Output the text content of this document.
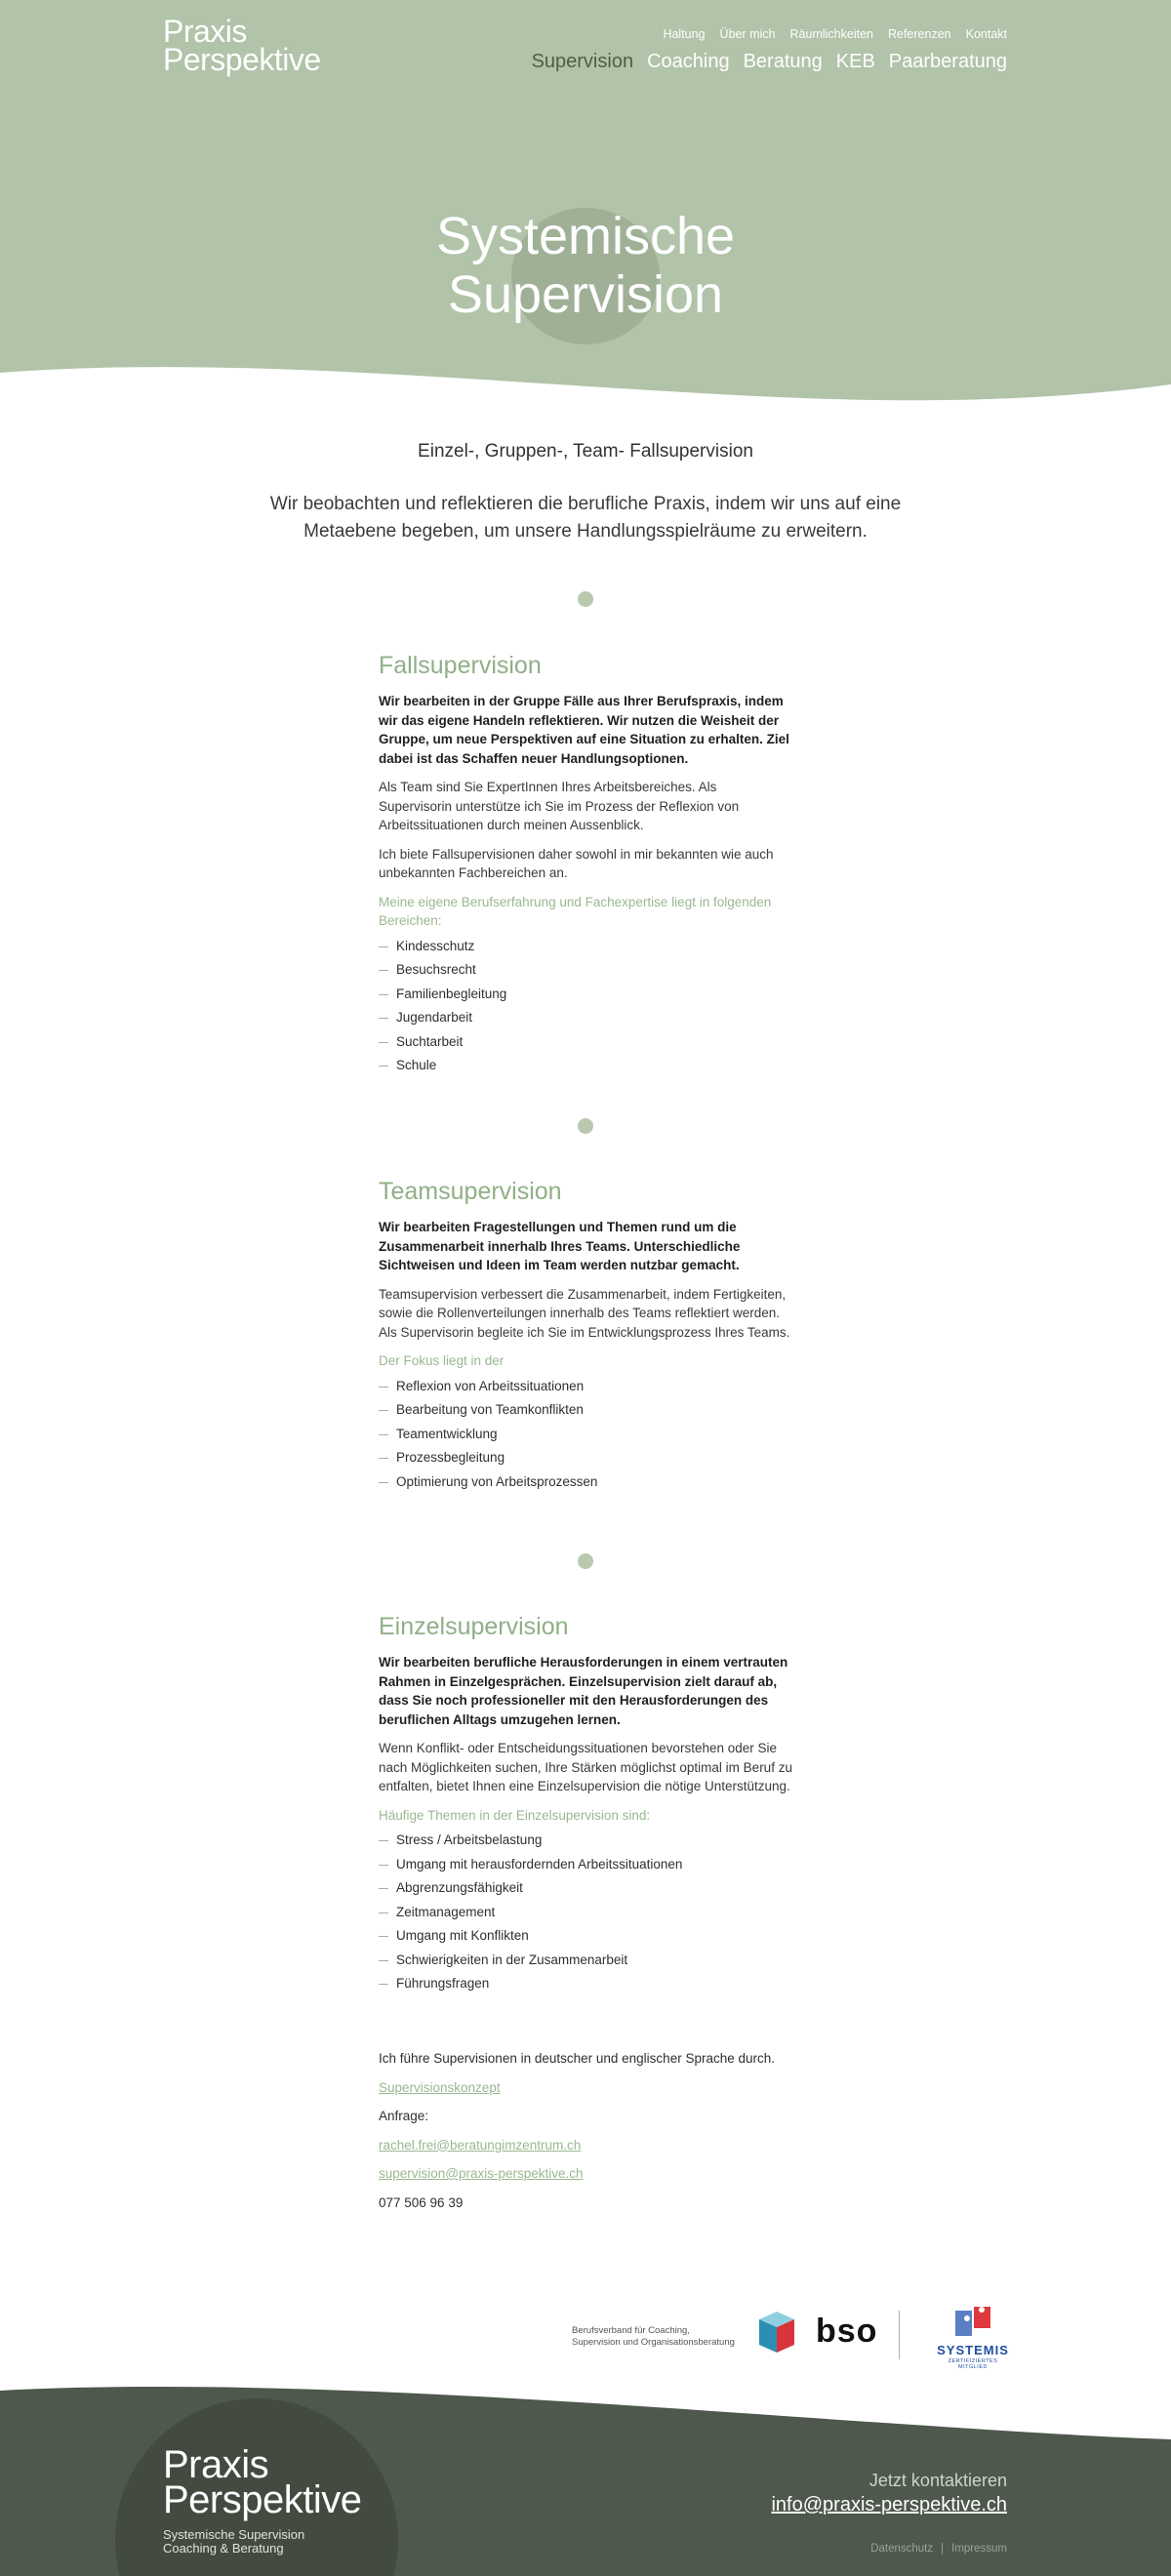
Praxis
Perspektive
Haltung Über mich Räumlichkeiten Referenzen Kontakt
Supervision Coaching Beratung KEB Paarberatung
Systemische
Supervision
Einzel-, Gruppen-, Team- Fallsupervision

Wir beobachten und reflektieren die berufliche Praxis, indem wir uns auf eine Metaebene begeben, um unsere Handlungsspielräume zu erweitern.

Fallsupervision

Wir bearbeiten in der Gruppe Fälle aus Ihrer Berufspraxis, indem wir das eigene Handeln reflektieren. Wir nutzen die Weisheit der Gruppe, um neue Perspektiven auf eine Situation zu erhalten. Ziel dabei ist das Schaffen neuer Handlungsoptionen.

Als Team sind Sie ExpertInnen Ihres Arbeitsbereiches. Als Supervisorin unterstütze ich Sie im Prozess der Reflexion von Arbeitssituationen durch meinen Aussenblick.

Ich biete Fallsupervisionen daher sowohl in mir bekannten wie auch unbekannten Fachbereichen an.

Meine eigene Berufserfahrung und Fachexpertise liegt in folgenden Bereichen:

Kindesschutz
Besuchsrecht
Familienbegleitung
Jugendarbeit
Suchtarbeit
Schule
Teamsupervision

Wir bearbeiten Fragestellungen und Themen rund um die Zusammenarbeit innerhalb Ihres Teams. Unterschiedliche Sichtweisen und Ideen im Team werden nutzbar gemacht.

Teamsupervision verbessert die Zusammenarbeit, indem Fertigkeiten, sowie die Rollenverteilungen innerhalb des Teams reflektiert werden. Als Supervisorin begleite ich Sie im Entwicklungsprozess Ihres Teams.

Der Fokus liegt in der

Reflexion von Arbeitssituationen
Bearbeitung von Teamkonflikten
Teamentwicklung
Prozessbegleitung
Optimierung von Arbeitsprozessen
Einzelsupervision

Wir bearbeiten berufliche Herausforderungen in einem vertrauten Rahmen in Einzelgesprächen. Einzelsupervision zielt darauf ab, dass Sie noch professioneller mit den Herausforderungen des beruflichen Alltags umzugehen lernen.

Wenn Konflikt- oder Entscheidungssituationen bevorstehen oder Sie nach Möglichkeiten suchen, Ihre Stärken möglichst optimal im Beruf zu entfalten, bietet Ihnen eine Einzelsupervision die nötige Unterstützung.

Häufige Themen in der Einzelsupervision sind:

Stress / Arbeitsbelastung
Umgang mit herausfordernden Arbeitssituationen
Abgrenzungsfähigkeit
Zeitmanagement
Umgang mit Konflikten
Schwierigkeiten in der Zusammenarbeit
Führungsfragen

Ich führe Supervisionen in deutscher und englischer Sprache durch.

Supervisionskonzept

Anfrage:

rachel.frei@beratungimzentrum.ch

supervision@praxis-perspektive.ch

077 506 96 39

Berufsverband für Coaching,
Supervision und Organisationsberatung bso
SYSTEMIS
ZERTIFIZIERTES MITGLIED
Praxis
Perspektive
Systemische Supervision
Coaching & Beratung
Jetzt kontaktieren
info@praxis-perspektive.ch
Datenschutz | Impressum
